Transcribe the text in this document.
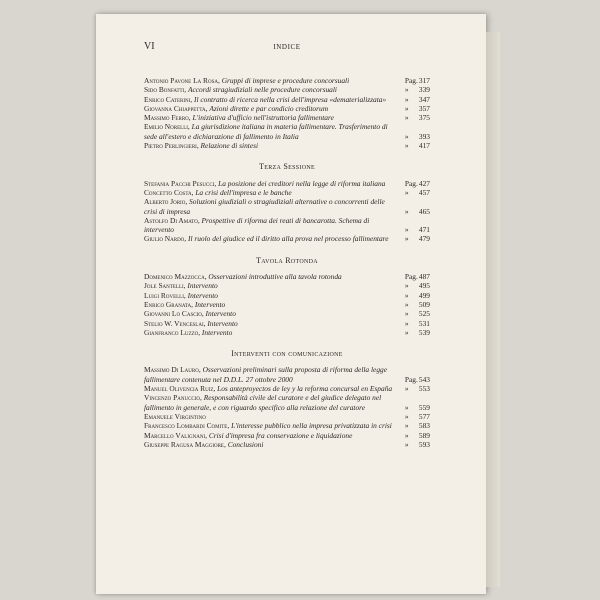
VI	INDICE
Antonio Pavone La Rosa, Gruppi di imprese e procedure concorsuali	Pag.317
Sido Bonfatti, Accordi stragiudiziali nelle procedure concorsuali	» 339
Enrico Caterini, Il contratto di ricerca nella crisi dell'impresa «dematerializzata»	» 347
Giovanna Chiappetta, Azioni dirette e par condicio creditorum	» 357
Massimo Ferro, L'iniziativa d'ufficio nell'istruttoria fallimentare	» 375
Emilio Norelli, La giurisdizione italiana in materia fallimentare. Trasferimento di sede all'estero e dichiarazione di fallimento in Italia	» 393
Pietro Perlingieri, Relazione di sintesi	» 417
Terza Sessione
Stefania Pacchi Pesucci, La posizione dei creditori nella legge di riforma italiana	Pag.427
Concetto Costa, La crisi dell'impresa e le banche	» 457
Alberto Jorio, Soluzioni giudiziali o stragiudiziali alternative o concorrenti delle crisi di impresa	» 465
Astolfo Di Amato, Prospettive di riforma dei reati di bancarotta. Schema di intervento	» 471
Giulio Nardo, Il ruolo del giudice ed il diritto alla prova nel processo fallimentare	» 479
Tavola Rotonda
Domenico Mazzocca, Osservazioni introduttive alla tavola rotonda	Pag.487
Jole Santelli, Intervento	» 495
Luigi Rovelli, Intervento	» 499
Enrico Granata, Intervento	» 509
Giovanni Lo Cascio, Intervento	» 525
Stelio W. Venceslai, Intervento	» 531
Gianfranco Luzzo, Intervento	» 539
Interventi con comunicazione
Massimo Di Lauro, Osservazioni preliminari sulla proposta di riforma della legge fallimentare contenuta nel D.D.L. 27 ottobre 2000	Pag.543
Manuel Olivencia Ruiz, Los anteproyectos de ley y la reforma concursal en España	» 553
Vincenzo Panuccio, Responsabilità civile del curatore e del giudice delegato nel fallimento in generale, e con riguardo specifico alla relazione del curatore	» 559
Emanuele Virgintino	» 577
Francesco Lombardi Comite, L'interesse pubblico nella impresa privatizzata in crisi	» 583
Marcello Valignani, Crisi d'impresa fra conservazione e liquidazione	» 589
Giuseppe Ragusa Maggiore, Conclusioni	» 593
